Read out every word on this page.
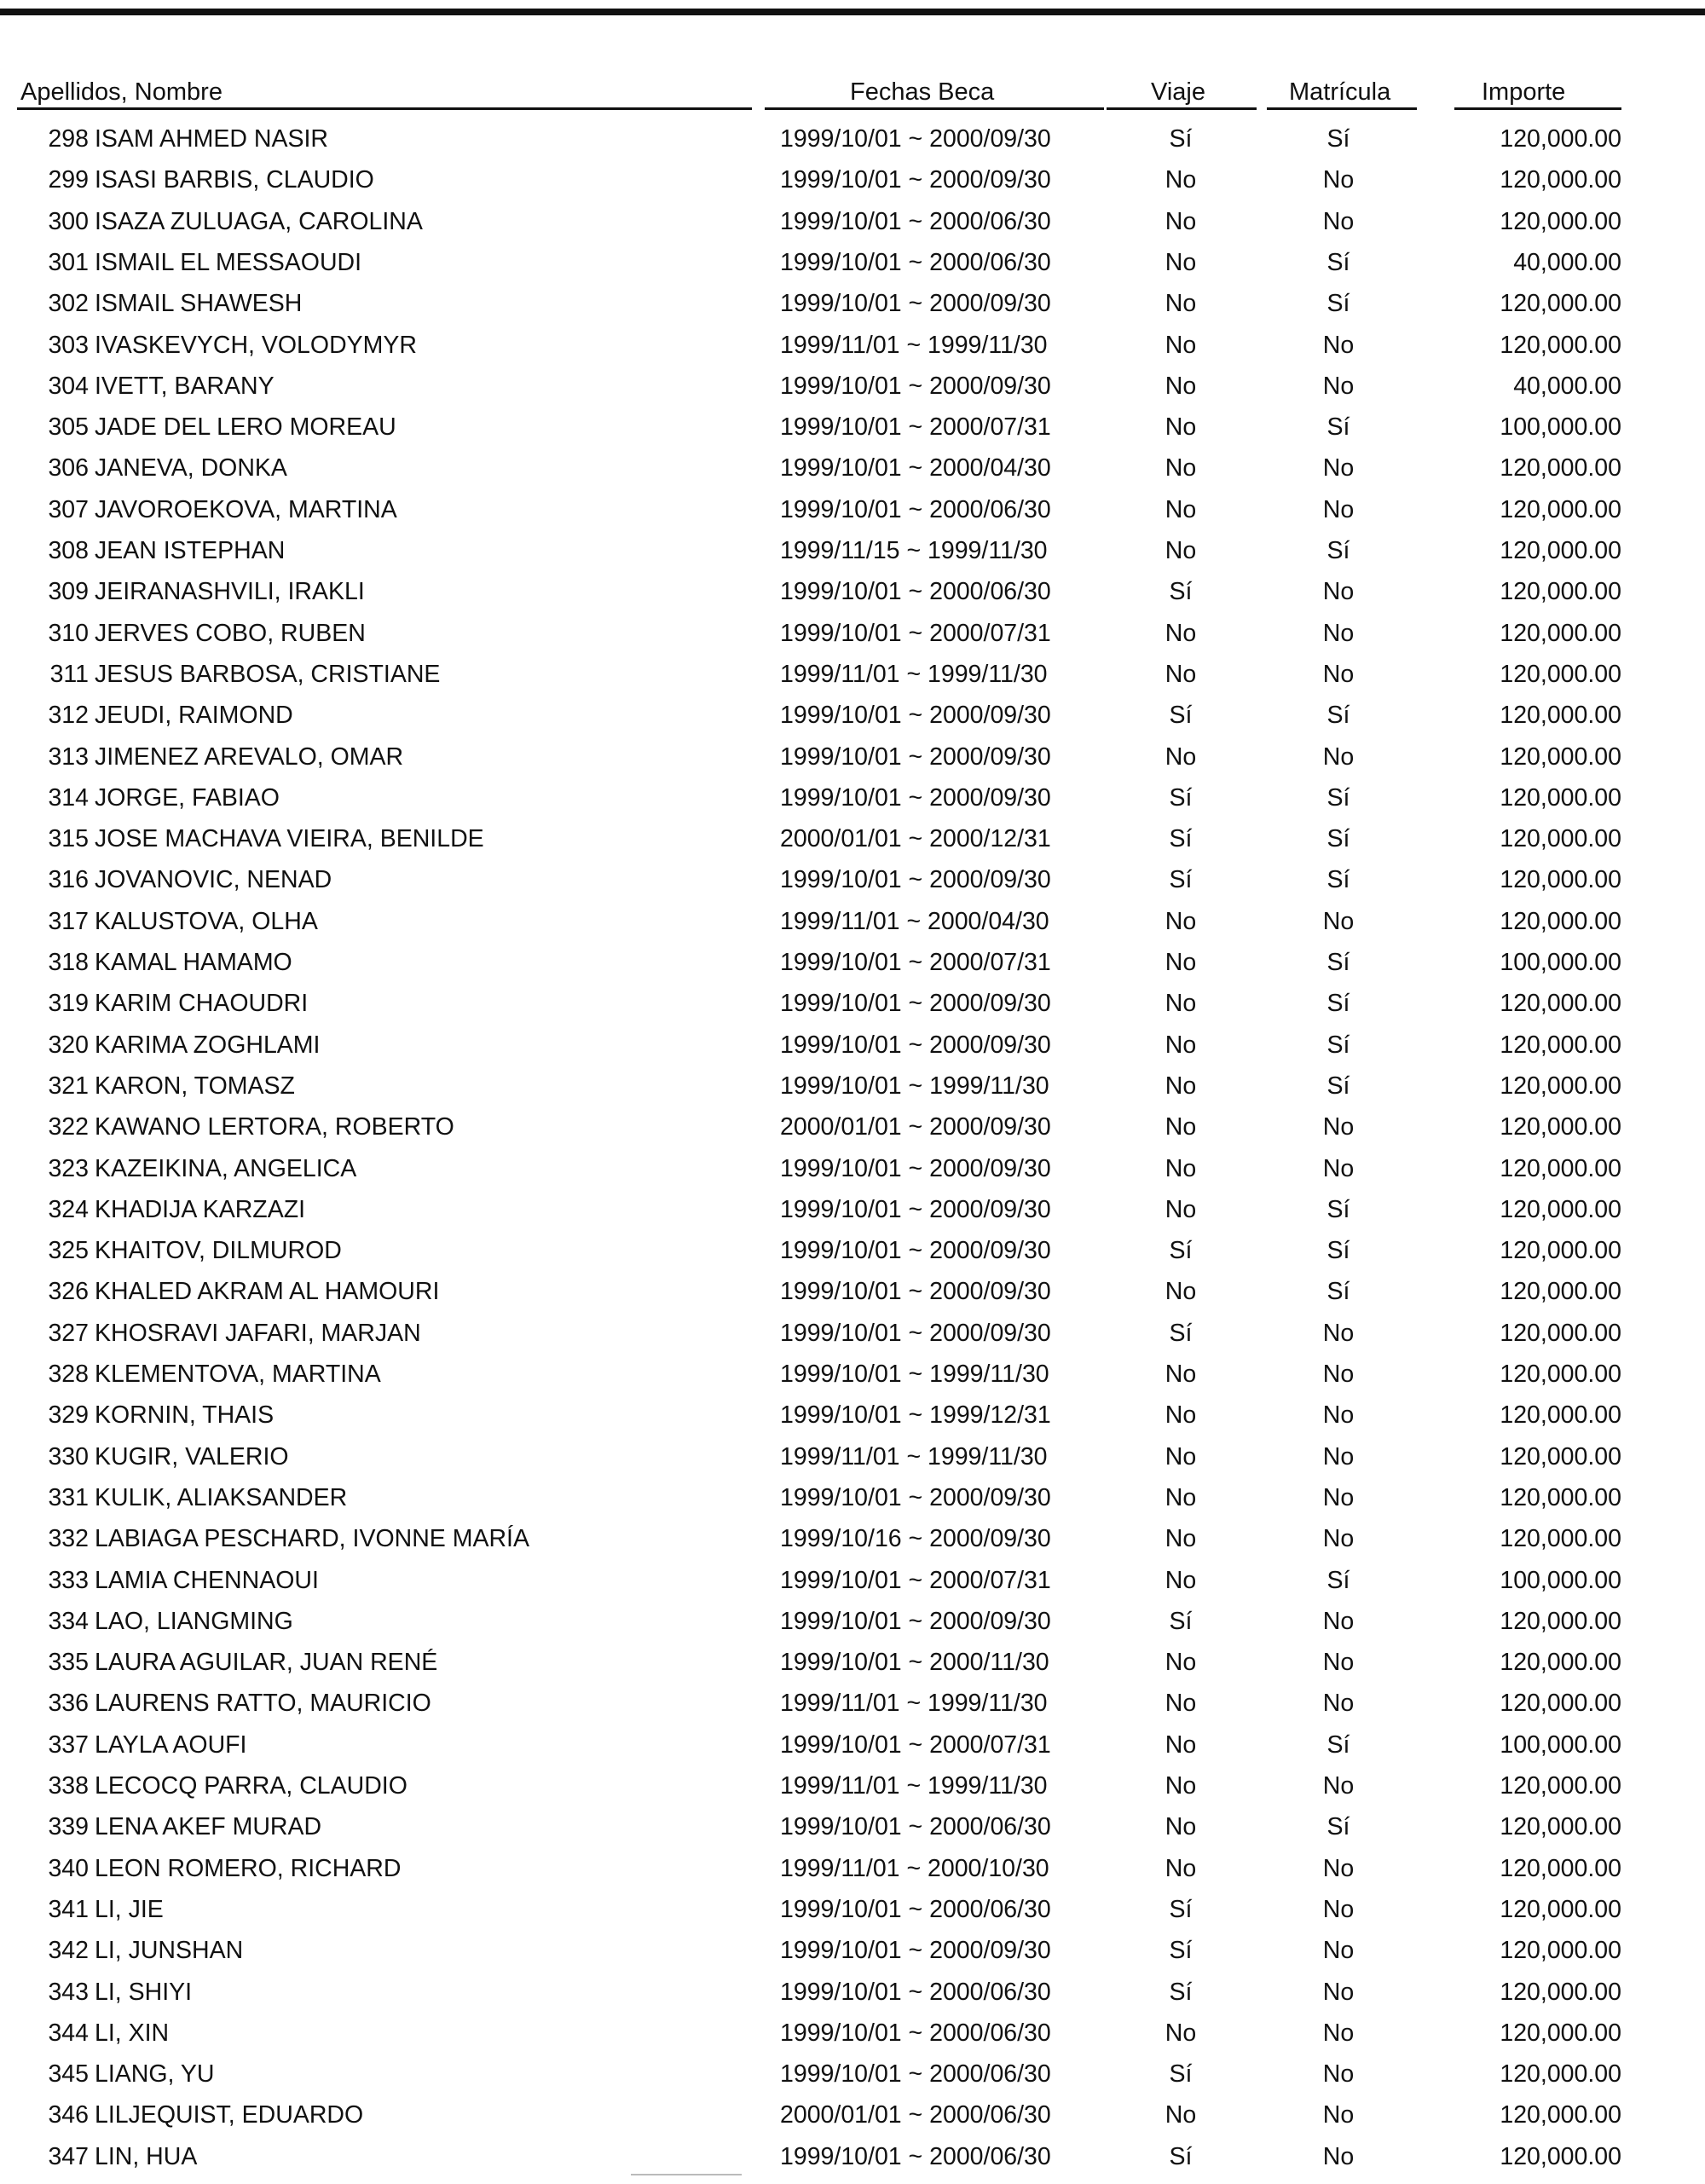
Apellidos, Nombre	Fechas Beca	Viaje	Matrícula	Importe
298 ISAM AHMED NASIR	1999/10/01 ~ 2000/09/30	Sí	Sí	120,000.00
299 ISASI BARBIS, CLAUDIO	1999/10/01 ~ 2000/09/30	No	No	120,000.00
300 ISAZA ZULUAGA, CAROLINA	1999/10/01 ~ 2000/06/30	No	No	120,000.00
301 ISMAIL EL MESSAOUDI	1999/10/01 ~ 2000/06/30	No	Sí	40,000.00
302 ISMAIL SHAWESH	1999/10/01 ~ 2000/09/30	No	Sí	120,000.00
303 IVASKEVYCH, VOLODYMYR	1999/11/01 ~ 1999/11/30	No	No	120,000.00
304 IVETT, BARANY	1999/10/01 ~ 2000/09/30	No	No	40,000.00
305 JADE DEL LERO MOREAU	1999/10/01 ~ 2000/07/31	No	Sí	100,000.00
306 JANEVA, DONKA	1999/10/01 ~ 2000/04/30	No	No	120,000.00
307 JAVOROEKOVA, MARTINA	1999/10/01 ~ 2000/06/30	No	No	120,000.00
308 JEAN ISTEPHAN	1999/11/15 ~ 1999/11/30	No	Sí	120,000.00
309 JEIRANASHVILI, IRAKLI	1999/10/01 ~ 2000/06/30	Sí	No	120,000.00
310 JERVES COBO, RUBEN	1999/10/01 ~ 2000/07/31	No	No	120,000.00
311 JESUS BARBOSA, CRISTIANE	1999/11/01 ~ 1999/11/30	No	No	120,000.00
312 JEUDI, RAIMOND	1999/10/01 ~ 2000/09/30	Sí	Sí	120,000.00
313 JIMENEZ AREVALO, OMAR	1999/10/01 ~ 2000/09/30	No	No	120,000.00
314 JORGE, FABIAO	1999/10/01 ~ 2000/09/30	Sí	Sí	120,000.00
315 JOSE MACHAVA VIEIRA, BENILDE	2000/01/01 ~ 2000/12/31	Sí	Sí	120,000.00
316 JOVANOVIC, NENAD	1999/10/01 ~ 2000/09/30	Sí	Sí	120,000.00
317 KALUSTOVA, OLHA	1999/11/01 ~ 2000/04/30	No	No	120,000.00
318 KAMAL HAMAMO	1999/10/01 ~ 2000/07/31	No	Sí	100,000.00
319 KARIM CHAOUDRI	1999/10/01 ~ 2000/09/30	No	Sí	120,000.00
320 KARIMA ZOGHLAMI	1999/10/01 ~ 2000/09/30	No	Sí	120,000.00
321 KARON, TOMASZ	1999/10/01 ~ 1999/11/30	No	Sí	120,000.00
322 KAWANO LERTORA, ROBERTO	2000/01/01 ~ 2000/09/30	No	No	120,000.00
323 KAZEIKINA, ANGELICA	1999/10/01 ~ 2000/09/30	No	No	120,000.00
324 KHADIJA KARZAZI	1999/10/01 ~ 2000/09/30	No	Sí	120,000.00
325 KHAITOV, DILMUROD	1999/10/01 ~ 2000/09/30	Sí	Sí	120,000.00
326 KHALED AKRAM AL HAMOURI	1999/10/01 ~ 2000/09/30	No	Sí	120,000.00
327 KHOSRAVI JAFARI, MARJAN	1999/10/01 ~ 2000/09/30	Sí	No	120,000.00
328 KLEMENTOVA, MARTINA	1999/10/01 ~ 1999/11/30	No	No	120,000.00
329 KORNIN, THAIS	1999/10/01 ~ 1999/12/31	No	No	120,000.00
330 KUGIR, VALERIO	1999/11/01 ~ 1999/11/30	No	No	120,000.00
331 KULIK, ALIAKSANDER	1999/10/01 ~ 2000/09/30	No	No	120,000.00
332 LABIAGA PESCHARD, IVONNE MARÍA	1999/10/16 ~ 2000/09/30	No	No	120,000.00
333 LAMIA CHENNAOUI	1999/10/01 ~ 2000/07/31	No	Sí	100,000.00
334 LAO, LIANGMING	1999/10/01 ~ 2000/09/30	Sí	No	120,000.00
335 LAURA AGUILAR, JUAN RENÉ	1999/10/01 ~ 2000/11/30	No	No	120,000.00
336 LAURENS RATTO, MAURICIO	1999/11/01 ~ 1999/11/30	No	No	120,000.00
337 LAYLA AOUFI	1999/10/01 ~ 2000/07/31	No	Sí	100,000.00
338 LECOCQ PARRA, CLAUDIO	1999/11/01 ~ 1999/11/30	No	No	120,000.00
339 LENA AKEF MURAD	1999/10/01 ~ 2000/06/30	No	Sí	120,000.00
340 LEON ROMERO, RICHARD	1999/11/01 ~ 2000/10/30	No	No	120,000.00
341 LI, JIE	1999/10/01 ~ 2000/06/30	Sí	No	120,000.00
342 LI, JUNSHAN	1999/10/01 ~ 2000/09/30	Sí	No	120,000.00
343 LI, SHIYI	1999/10/01 ~ 2000/06/30	Sí	No	120,000.00
344 LI, XIN	1999/10/01 ~ 2000/06/30	No	No	120,000.00
345 LIANG, YU	1999/10/01 ~ 2000/06/30	Sí	No	120,000.00
346 LILJEQUIST, EDUARDO	2000/01/01 ~ 2000/06/30	No	No	120,000.00
347 LIN, HUA	1999/10/01 ~ 2000/06/30	Sí	No	120,000.00
